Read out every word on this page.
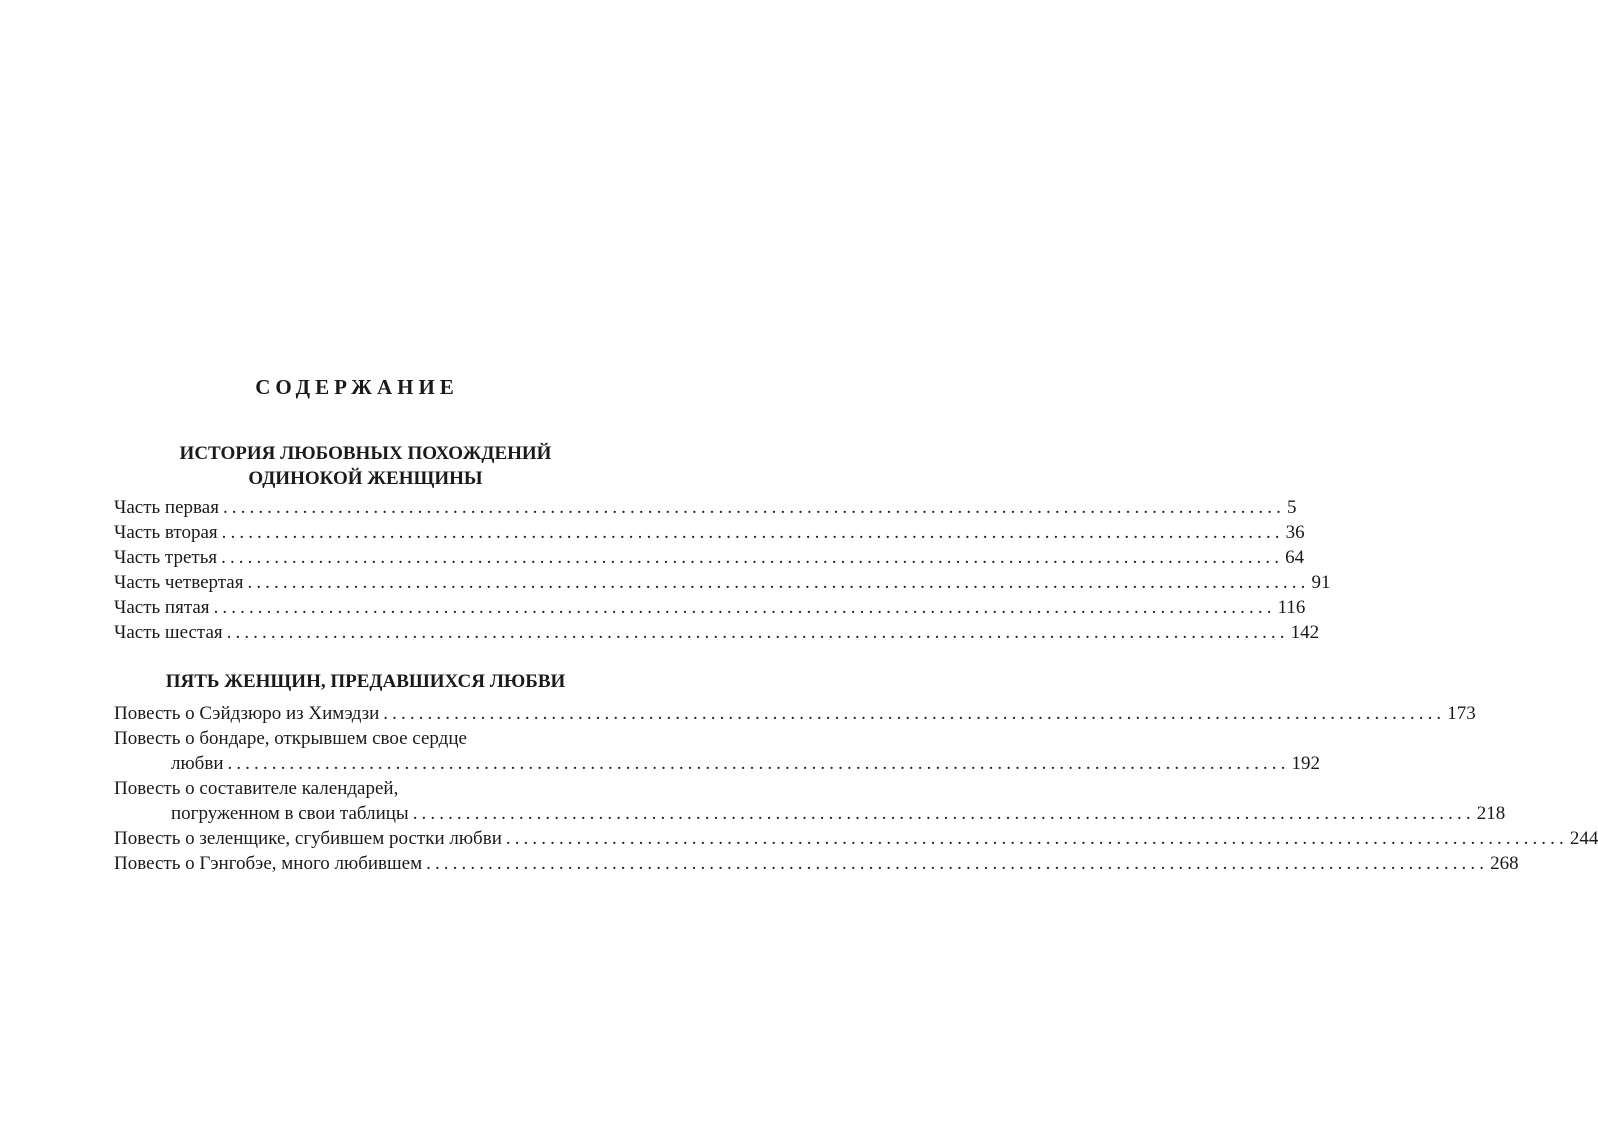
СОДЕРЖАНИЕ
ИСТОРИЯ ЛЮБОВНЫХ ПОХОЖДЕНИЙ
ОДИНОКОЙ ЖЕНЩИНЫ
Часть первая ........................................................................................................................ 5
Часть вторая ........................................................................................................................ 36
Часть третья ........................................................................................................................ 64
Часть четвертая ........................................................................................................................ 91
Часть пятая ........................................................................................................................ 116
Часть шестая ........................................................................................................................ 142
ПЯТЬ ЖЕНЩИН, ПРЕДАВШИХСЯ ЛЮБВИ
Повесть о Сэйдзюро из Химэдзи ........................................................................................................................ 173
Повесть о бондаре, открывшем свое сердце
любви ........................................................................................................................ 192
Повесть о составителе календарей,
погруженном в свои таблицы ........................................................................................................................ 218
Повесть о зеленщике, сгубившем ростки любви ........................................................................................................................ 244
Повесть о Гэнгобэе, много любившем ........................................................................................................................ 268
